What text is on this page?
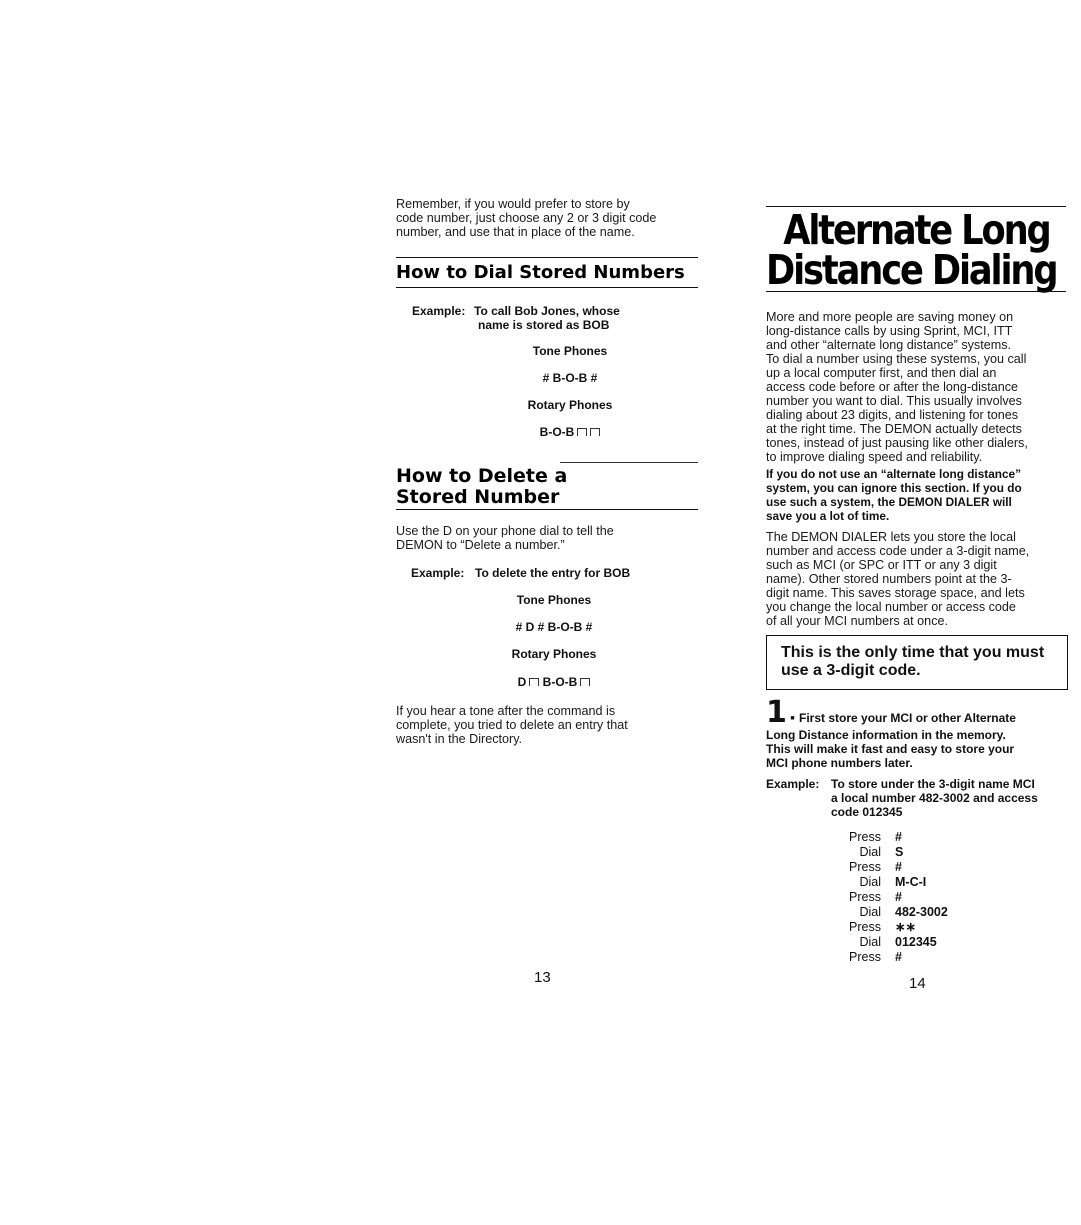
Remember, if you would prefer to store by
code number, just choose any 2 or 3 digit code
number, and use that in place of the name.
How to Dial Stored Numbers
Example: To call Bob Jones, whose
name is stored as BOB
Tone Phones
# B-O-B #
Rotary Phones
B-O-B
How to Delete a
Stored Number
Use the D on your phone dial to tell the
DEMON to “Delete a number.”
Example: To delete the entry for BOB
Tone Phones
# D # B-O-B #
Rotary Phones
D B-O-B
If you hear a tone after the command is
complete, you tried to delete an entry that
wasn't in the Directory.
13
Alternate Long
Distance Dialing
More and more people are saving money on
long-distance calls by using Sprint, MCI, ITT
and other “alternate long distance” systems.
To dial a number using these systems, you call
up a local computer first, and then dial an
access code before or after the long-distance
number you want to dial. This usually involves
dialing about 23 digits, and listening for tones
at the right time. The DEMON actually detects
tones, instead of just pausing like other dialers,
to improve dialing speed and reliability.
If you do not use an “alternate long distance”
system, you can ignore this section. If you do
use such a system, the DEMON DIALER will
save you a lot of time.
The DEMON DIALER lets you store the local
number and access code under a 3-digit name,
such as MCI (or SPC or ITT or any 3 digit
name). Other stored numbers point at the 3-
digit name. This saves storage space, and lets
you change the local number or access code
of all your MCI numbers at once.
This is the only time that you must
use a 3-digit code.
1 ■ First store your MCI or other Alternate
Long Distance information in the memory.
This will make it fast and easy to store your
MCI phone numbers later.
Example: To store under the 3-digit name MCI
a local number 482-3002 and access
code 012345
Press #
Dial S
Press #
Dial M-C-I
Press #
Dial 482-3002
Press ∗∗
Dial 012345
Press #
14
